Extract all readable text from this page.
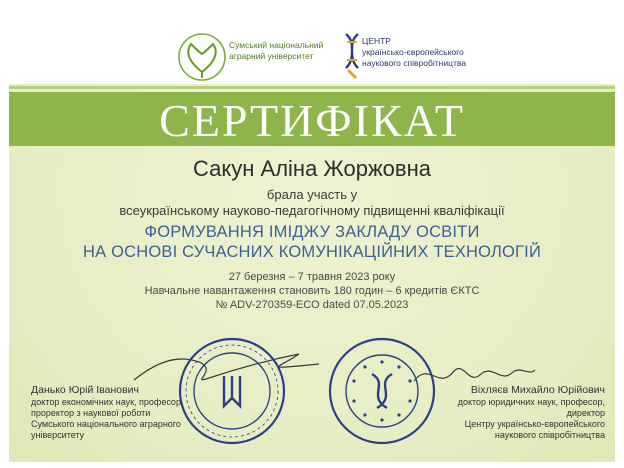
Сумський національний
аграрний університет
ЦЕНТР
українсько-європейського
наукового співробітництва
СЕРТИФІКАТ
Сакун Аліна Жоржовна
брала участь у
всеукраїнському науково-педагогічному підвищенні кваліфікації
ФОРМУВАННЯ ІМІДЖУ ЗАКЛАДУ ОСВІТИ
НА ОСНОВІ СУЧАСНИХ КОМУНІКАЦІЙНИХ ТЕХНОЛОГІЙ
27 березня – 7 травня 2023 року
Навчальне навантаження становить 180 годин – 6 кредитів ЄКТС
№ ADV-270359-ECO dated 07.05.2023
Данько Юрій Іванович
доктор економічних наук, професор,
проректор з наукової роботи
Сумського національного аграрного університету
Віхляєв Михайло Юрійович
доктор юридичних наук, професор, директор
Центру українсько-європейського
наукового співробітництва
